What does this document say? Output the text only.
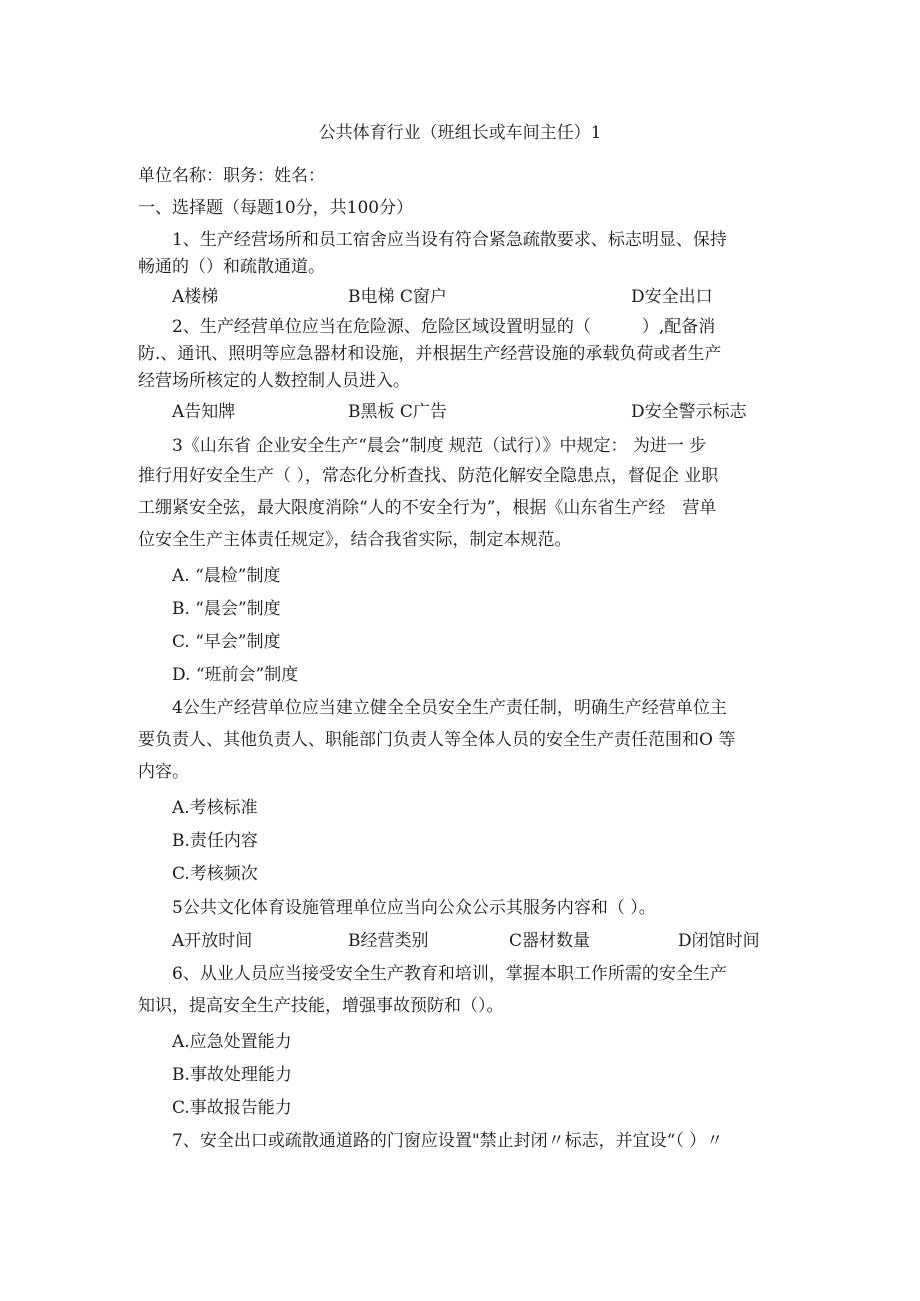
公共体育行业（班组长或车间主任）1
单位名称：职务：姓名：
一、选择题（每题10分，共100分）
1、生产经营场所和员工宿舍应当设有符合紧急疏散要求、标志明显、保持
畅通的（）和疏散通道。
A楼梯	B电梯 C窗户	D安全出口
2、生产经营单位应当在危险源、危险区域设置明显的（　　　）,配备消
防.、通讯、照明等应急器材和设施，并根据生产经营设施的承载负荷或者生产
经营场所核定的人数控制人员进入。
A告知牌	B黑板 C广告	D安全警示标志
3《山东省 企业安全生产“晨会”制度 规范（试行）》中规定： 为进一 步
推行用好安全生产（ ），常态化分析查找、防范化解安全隐患点，督促企 业职
工绷紧安全弦，最大限度消除“人的不安全行为”，根据《山东省生产经　营单
位安全生产主体责任规定》，结合我省实际，制定本规范。
A. “晨检”制度
B. “晨会”制度
C. “早会”制度
D. “班前会”制度
4公生产经营单位应当建立健全全员安全生产责任制，明确生产经营单位主
要负责人、其他负责人、职能部门负责人等全体人员的安全生产责任范围和O 等
内容。
A.考核标准
B.责任内容
C.考核频次
5公共文化体育设施管理单位应当向公众公示其服务内容和（ ）。
A开放时间	B经营类别	C器材数量	D闭馆时间
6、从业人员应当接受安全生产教育和培训，掌握本职工作所需的安全生产
知识，提高安全生产技能，增强事故预防和（）。
A.应急处置能力
B.事故处理能力
C.事故报告能力
7、安全出口或疏散通道路的门窗应设置"禁止封闭〃标志，并宜设“（ ）〃
